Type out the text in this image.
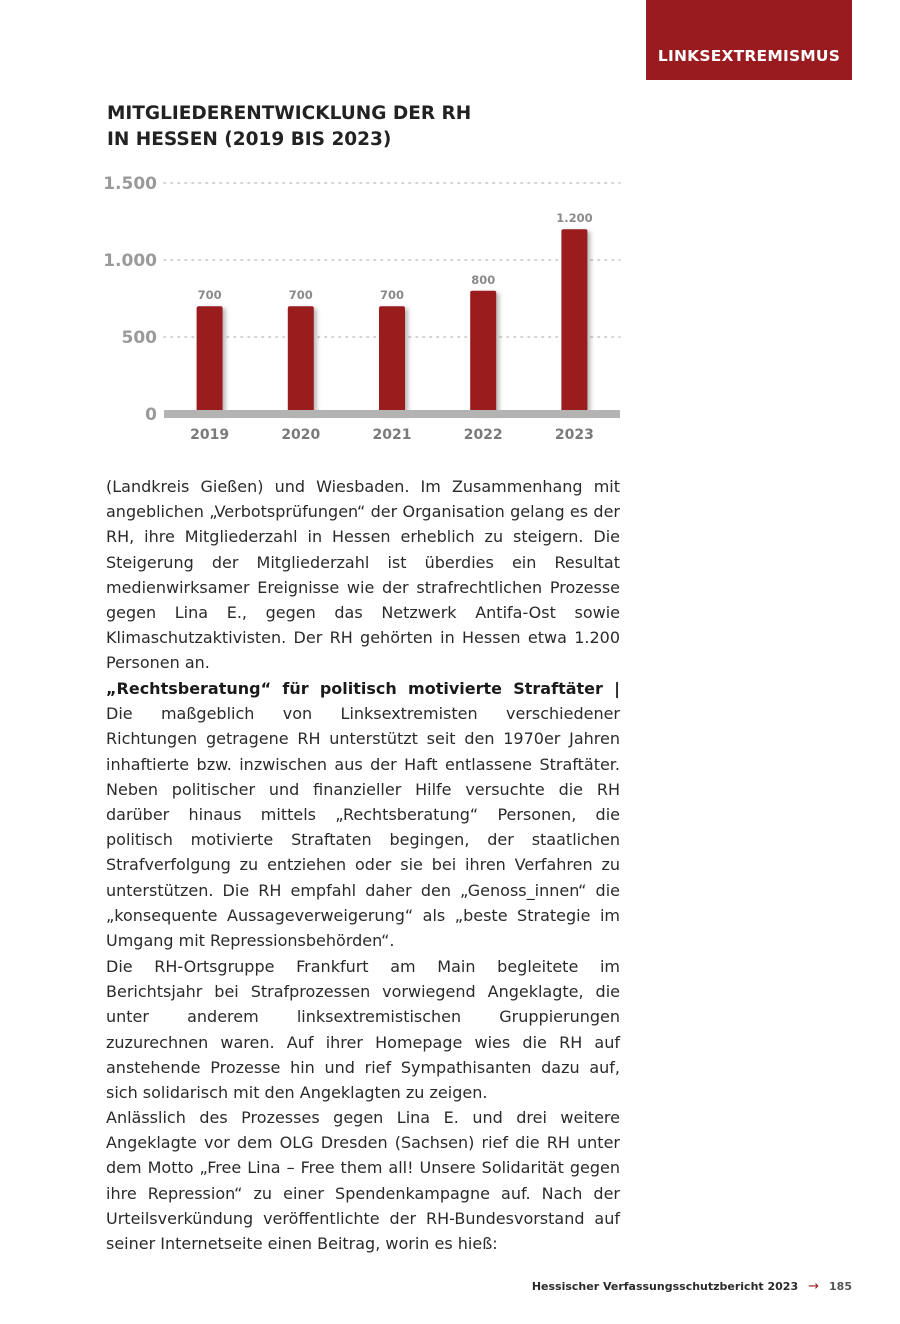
LINKSEXTREMISMUS
MITGLIEDERENTWICKLUNG DER RH
IN HESSEN (2019 BIS 2023)
0
500
1.000
1.500
700
2019
700
2020
700
2021
800
2022
1.200
2023

(Landkreis Gießen) und Wiesbaden. Im Zusammenhang mit angeblichen „Verbotsprüfungen“ der Organisation gelang es der RH, ihre Mitgliederzahl in Hessen erheblich zu steigern. Die Steigerung der Mitgliederzahl ist überdies ein Resultat medienwirksamer Ereignisse wie der strafrechtlichen Prozesse gegen Lina E., gegen das Netzwerk Antifa-Ost sowie Klimaschutzaktivisten. Der RH gehörten in Hessen etwa 1.200 Personen an.

„Rechtsberatung“ für politisch motivierte Straftäter | Die maßgeblich von Linksextremisten verschiedener Richtungen getragene RH unterstützt seit den 1970er Jahren inhaftierte bzw. inzwischen aus der Haft entlassene Straftäter. Neben politischer und finanzieller Hilfe versuchte die RH darüber hinaus mittels „Rechtsberatung“ Personen, die politisch motivierte Straftaten begingen, der staatlichen Strafverfolgung zu entziehen oder sie bei ihren Verfahren zu unterstützen. Die RH empfahl daher den „Genoss_innen“ die „konsequente Aussageverweigerung“ als „beste Strategie im Umgang mit Repressionsbehörden“.

Die RH-Ortsgruppe Frankfurt am Main begleitete im Berichtsjahr bei Strafprozessen vorwiegend Angeklagte, die unter anderem linksextremistischen Gruppierungen zuzurechnen waren. Auf ihrer Homepage wies die RH auf anstehende Prozesse hin und rief Sympathisanten dazu auf, sich solidarisch mit den Angeklagten zu zeigen.

Anlässlich des Prozesses gegen Lina E. und drei weitere Angeklagte vor dem OLG Dresden (Sachsen) rief die RH unter dem Motto „Free Lina – Free them all! Unsere Solidarität gegen ihre Repression“ zu einer Spendenkampagne auf. Nach der Urteilsverkündung veröffentlichte der RH-Bundesvorstand auf seiner Internetseite einen Beitrag, worin es hieß:

Hessischer Verfassungsschutzbericht 2023 → 185
